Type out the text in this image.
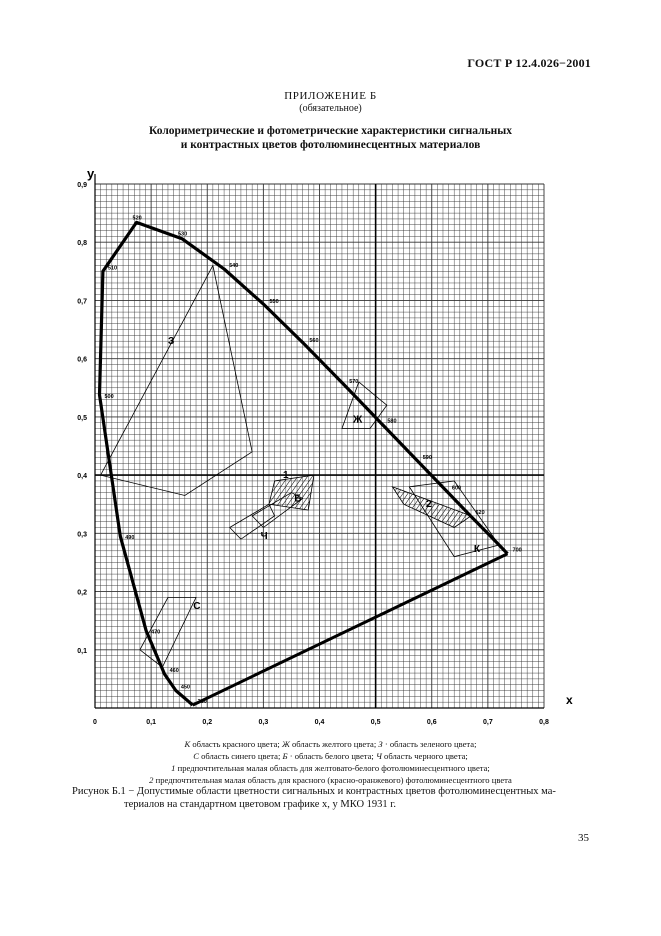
ГОСТ Р 12.4.026−2001
ПРИЛОЖЕНИЕ Б
(обязательное)
Колориметрические и фотометрические характеристики сигнальных
и контрастных цветов фотолюминесцентных материалов
380
450
460
470
490
500
510
520
530
540
550
560
570
580
590
600
620
700
К
Ж
З
С
Б
Ч
1
2
0	0,1	0,2	0,3	0,4	0,5	0,6	0,7	0,8
0,1
0,2
0,3
0,4
0,5
0,6
0,7
0,8
0,9
x
y
К область красного цвета; Ж область желтого цвета; З · область зеленого цвета;
С область синего цвета; Б · область белого цвета; Ч область черного цвета;
1 предпочтительная малая область для желтовато-белого фотолюминесцентного цвета;
2 предпочтительная малая область для красного (красно-оранжевого) фотолюминесцентного цвета
Рисунок Б.1 − Допустимые области цветности сигнальных и контрастных цветов фотолюминесцентных ма-
териалов на стандартном цветовом графике x, y МКО 1931 г.
35
